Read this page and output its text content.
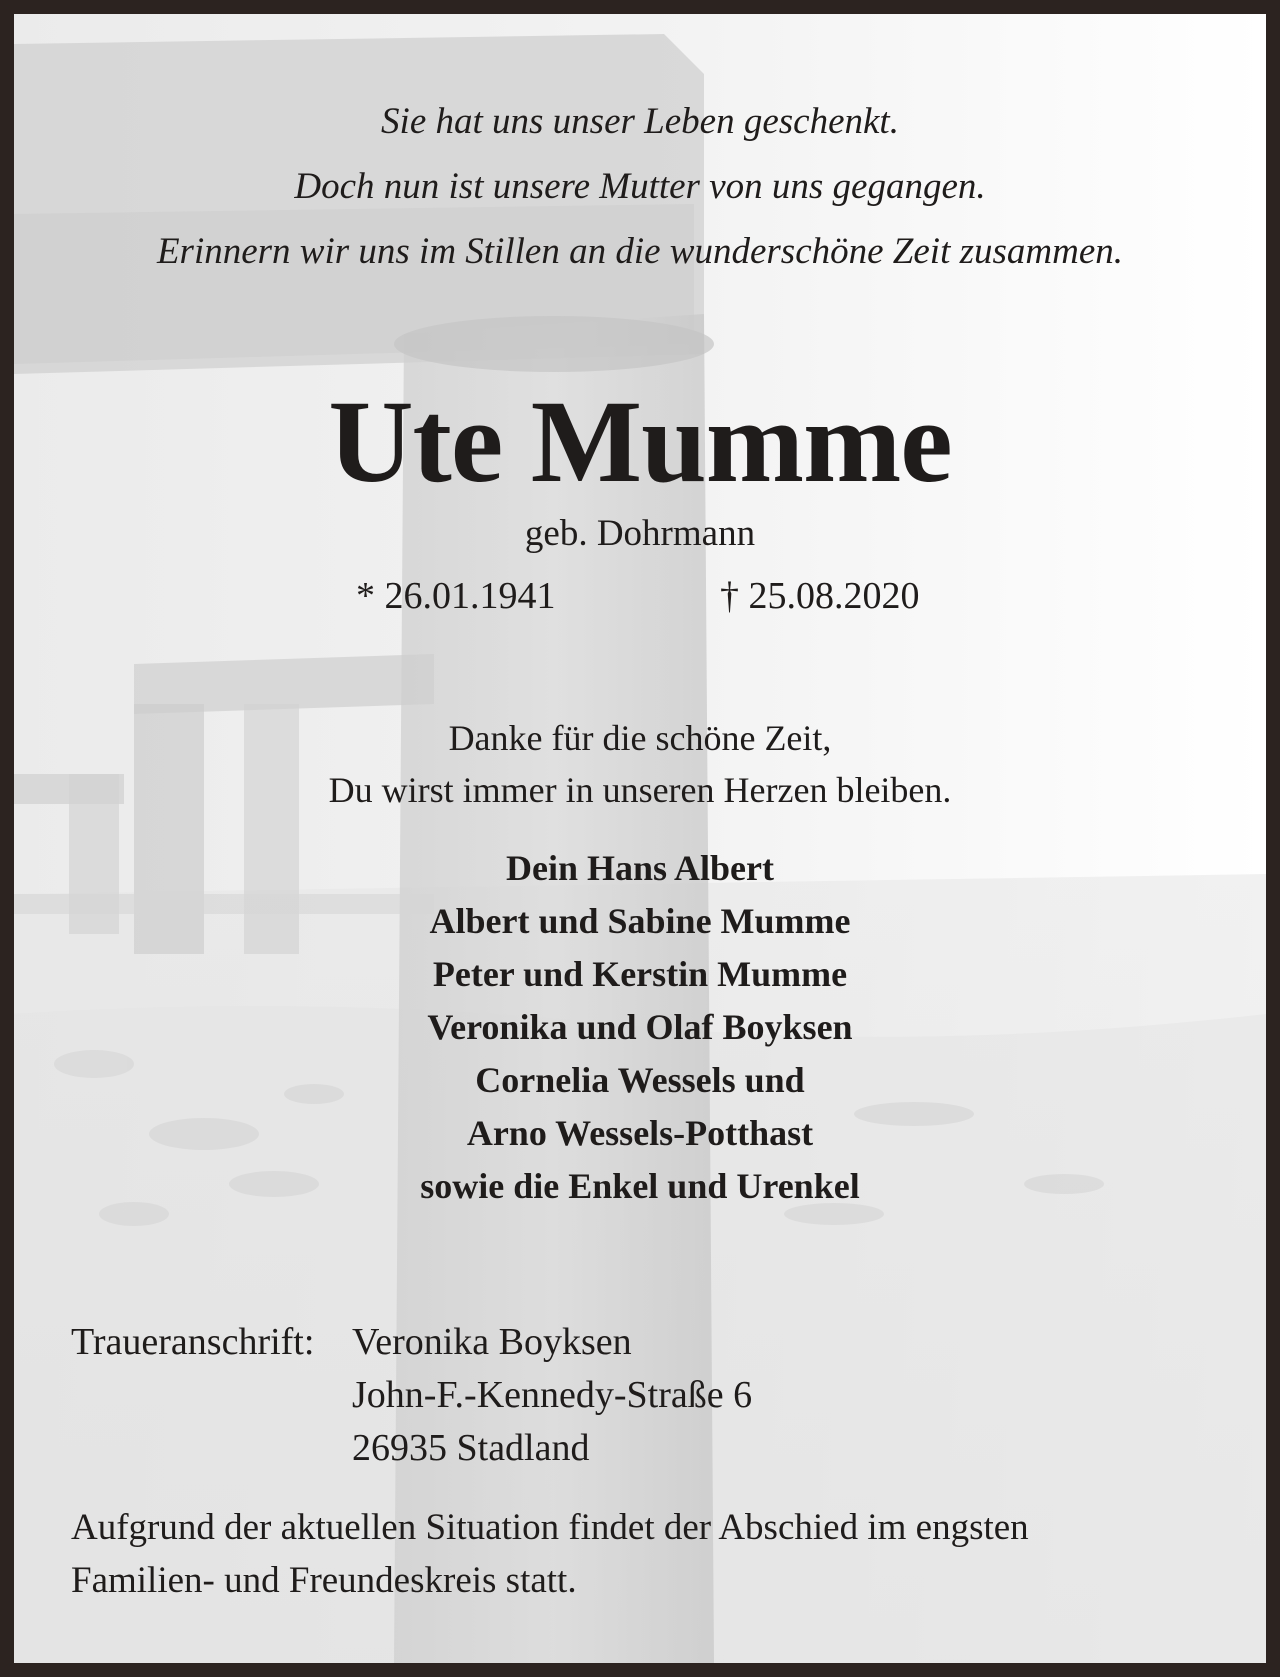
Sie hat uns unser Leben geschenkt.
Doch nun ist unsere Mutter von uns gegangen.
Erinnern wir uns im Stillen an die wunderschöne Zeit zusammen.
Ute Mumme
geb. Dohrmann
* 26.01.1941	† 25.08.2020
Danke für die schöne Zeit,
Du wirst immer in unseren Herzen bleiben.
Dein Hans Albert
Albert und Sabine Mumme
Peter und Kerstin Mumme
Veronika und Olaf Boyksen
Cornelia Wessels und
Arno Wessels-Potthast
sowie die Enkel und Urenkel
Traueranschrift: Veronika Boyksen
John-F.-Kennedy-Straße 6
26935 Stadland
Aufgrund der aktuellen Situation findet der Abschied im engsten
Familien- und Freundeskreis statt.
